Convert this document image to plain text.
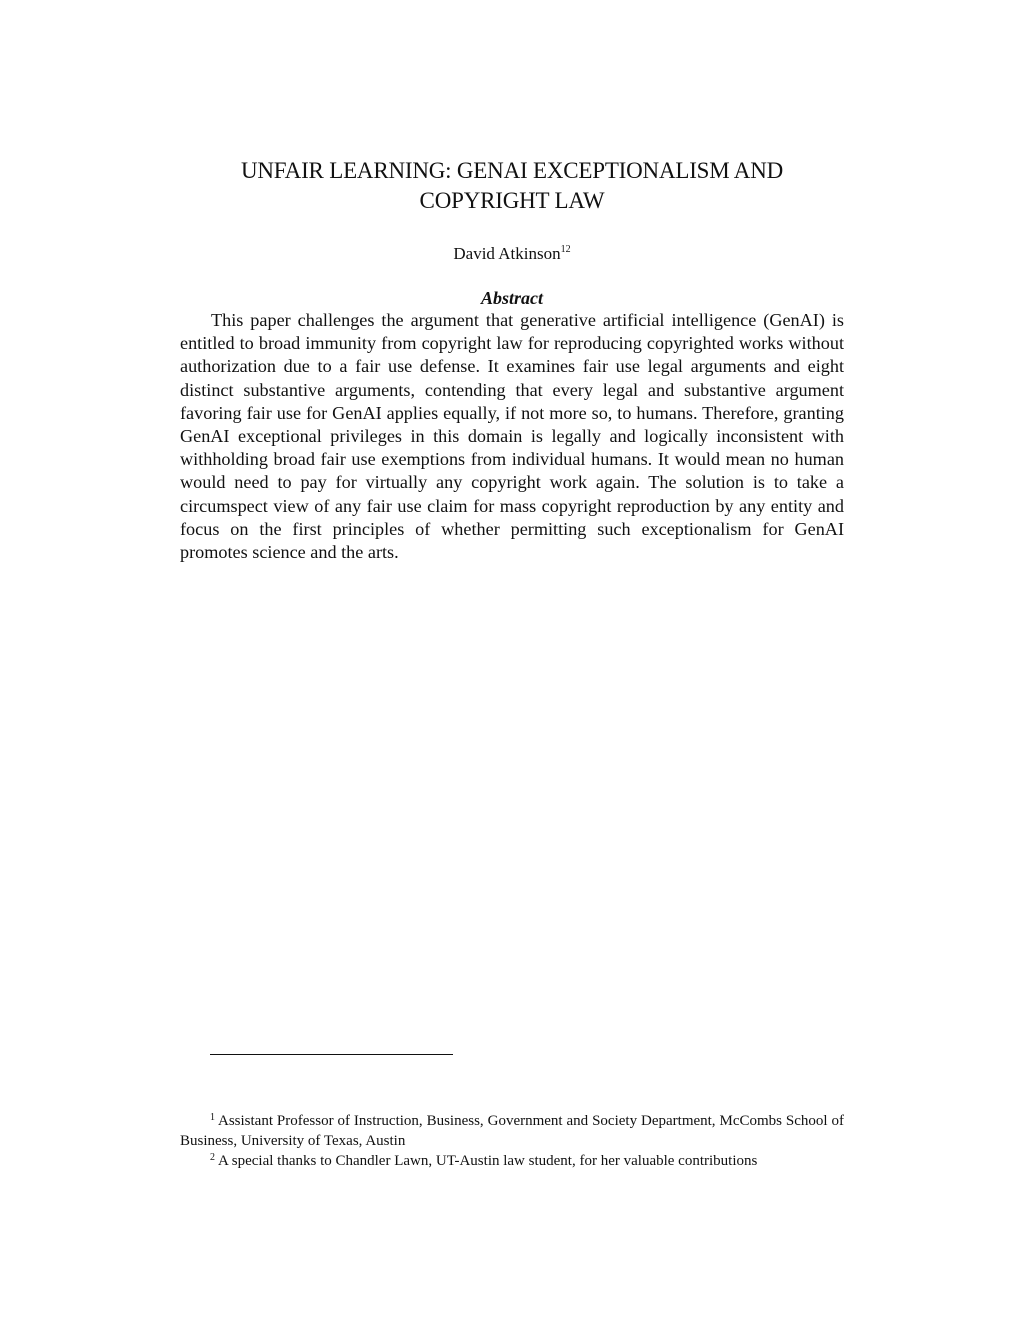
UNFAIR LEARNING: GENAI EXCEPTIONALISM AND
COPYRIGHT LAW
David Atkinson$^{12}$
Abstract

This paper challenges the argument that generative artificial intelligence (GenAI) is entitled to broad immunity from copyright law for reproducing copyrighted works without authorization due to a fair use defense. It examines fair use legal arguments and eight distinct substantive arguments, contending that every legal and substantive argument favoring fair use for GenAI applies equally, if not more so, to humans. Therefore, granting GenAI exceptional privileges in this domain is legally and logically inconsistent with withholding broad fair use exemptions from individual humans. It would mean no human would need to pay for virtually any copyright work again. The solution is to take a circumspect view of any fair use claim for mass copyright reproduction by any entity and focus on the first principles of whether permitting such exceptionalism for GenAI promotes science and the arts.

$^1$ Assistant Professor of Instruction, Business, Government and Society Department, McCombs School of Business, University of Texas, Austin

$^2$ A special thanks to Chandler Lawn, UT-Austin law student, for her valuable contributions
